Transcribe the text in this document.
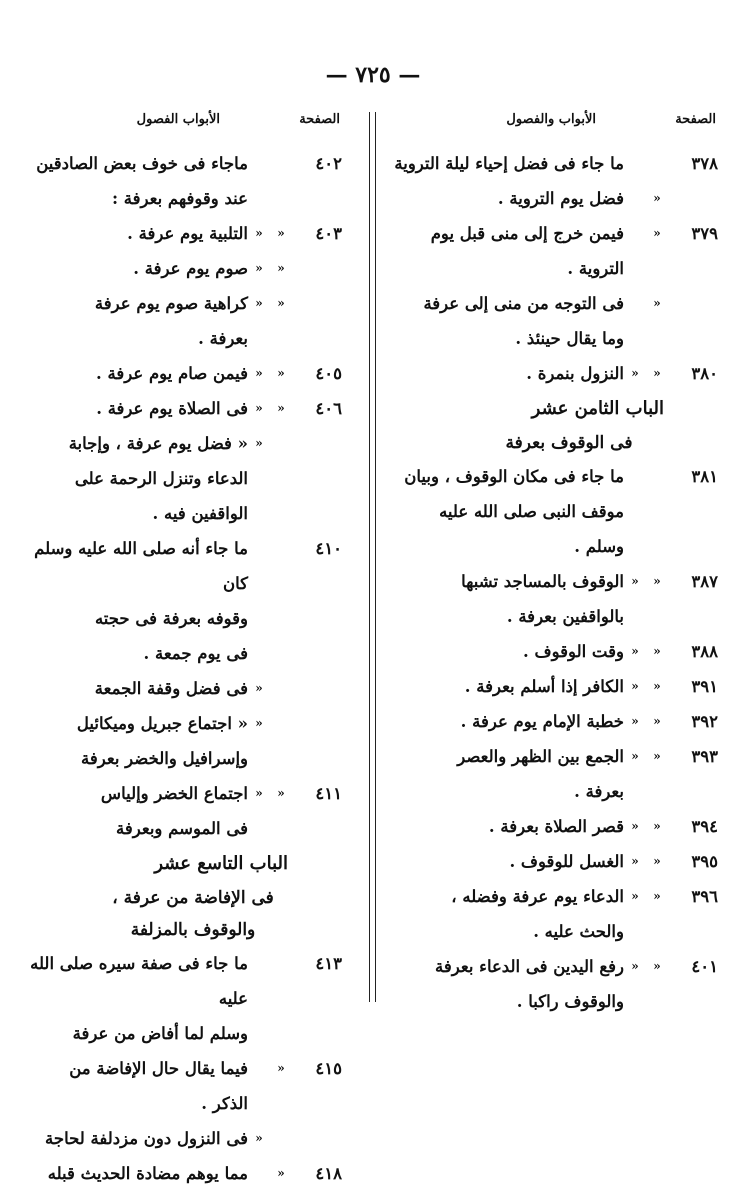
— ٧٢٥ —
الصفحة
الأبواب والفصول
٣٧٨
ما جاء فى فضل إحياء ليلة التروية
«
فضل يوم التروية .
٣٧٩
«
فيمن خرج إلى منى قبل يوم
التروية .
«
فى التوجه من منى إلى عرفة
وما يقال حينئذ .
٣٨٠
«
«
النزول بنمرة .
الباب الثامن عشر
فى الوقوف بعرفة
٣٨١
ما جاء فى مكان الوقوف ، وبيان
موقف النبى صلى الله عليه
وسلم .
٣٨٧
«
«
الوقوف بالمساجد تشبها
بالواقفين بعرفة .
٣٨٨
«
«
وقت الوقوف .
٣٩١
«
«
الكافر إذا أسلم بعرفة .
٣٩٢
«
«
خطبة الإمام يوم عرفة .
٣٩٣
«
«
الجمع بين الظهر والعصر
بعرفة .
٣٩٤
«
«
قصر الصلاة بعرفة .
٣٩٥
«
«
الغسل للوقوف .
٣٩٦
«
«
الدعاء يوم عرفة وفضله ،
والحث عليه .
٤٠١
«
«
رفع اليدين فى الدعاء بعرفة
والوقوف راكبا .
الصفحة
الأبواب الفصول
٤٠٢
ماجاء فى خوف بعض الصادقين
عند وقوفهم بعرفة :
٤٠٣
«
«
التلبية يوم عرفة .
«
«
صوم يوم عرفة .
«
«
كراهية صوم يوم عرفة
بعرفة .
٤٠٥
«
«
فيمن صام يوم عرفة .
٤٠٦
«
«
فى الصلاة يوم عرفة .
«
« فضل يوم عرفة ، وإجابة
الدعاء وتنزل الرحمة على
الواقفين فيه .
٤١٠
ما جاء أنه صلى الله عليه وسلم كان
وقوفه بعرفة فى حجته
فى يوم جمعة .
«
فى فضل وقفة الجمعة
«
« اجتماع جبريل وميكائيل
وإسرافيل والخضر بعرفة
٤١١
«
«
اجتماع الخضر وإلياس
فى الموسم وبعرفة
الباب التاسع عشر
فى الإفاضة من عرفة ،
والوقوف بالمزلفة
٤١٣
ما جاء فى صفة سيره صلى الله عليه
وسلم لما أفاض من عرفة
٤١٥
«
فيما يقال حال الإفاضة من
الذكر .
«
فى النزول دون مزدلفة لحاجة
٤١٨
«
مما يوهم مضادة الحديث قبله
